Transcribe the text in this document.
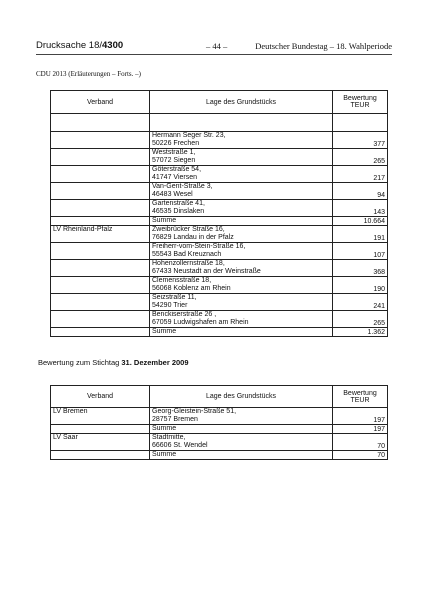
Drucksache 18/4300	– 44 –	Deutscher Bundestag – 18. Wahlperiode
CDU 2013 (Erläuterungen – Forts. –)
Verband	Lage des Grundstücks	Bewertung
TEUR

	Hermann Seger Str. 23,
50226 Frechen	377
	Weststraße 1,
57072 Siegen	265
	Göterstraße 54,
41747 Viersen	217
	Van-Gent-Straße 3,
46483 Wesel	94
	Gartenstraße 41,
46535 Dinslaken	143
	Summe	10.664
LV Rheinland-Pfalz	Zweibrücker Straße 16,
76829 Landau in der Pfalz	191
	Freiherr-vom-Stein-Straße 16,
55543 Bad Kreuznach	107
	Hohenzollernstraße 18,
67433 Neustadt an der Weinstraße	368
	Clemensstraße 18,
56068 Koblenz am Rhein	190
	Seizstraße 11,
54290 Trier	241
	Benckiserstraße 26 ,
67059 Ludwigshafen am Rhein	265
	Summe	1.362
Bewertung zum Stichtag 31. Dezember 2009
Verband	Lage des Grundstücks	Bewertung
TEUR
LV Bremen	Georg-Gleistein-Straße 51,
28757 Bremen	197
	Summe	197
LV Saar	Stadtmitte,
66606 St. Wendel	70
	Summe	70
